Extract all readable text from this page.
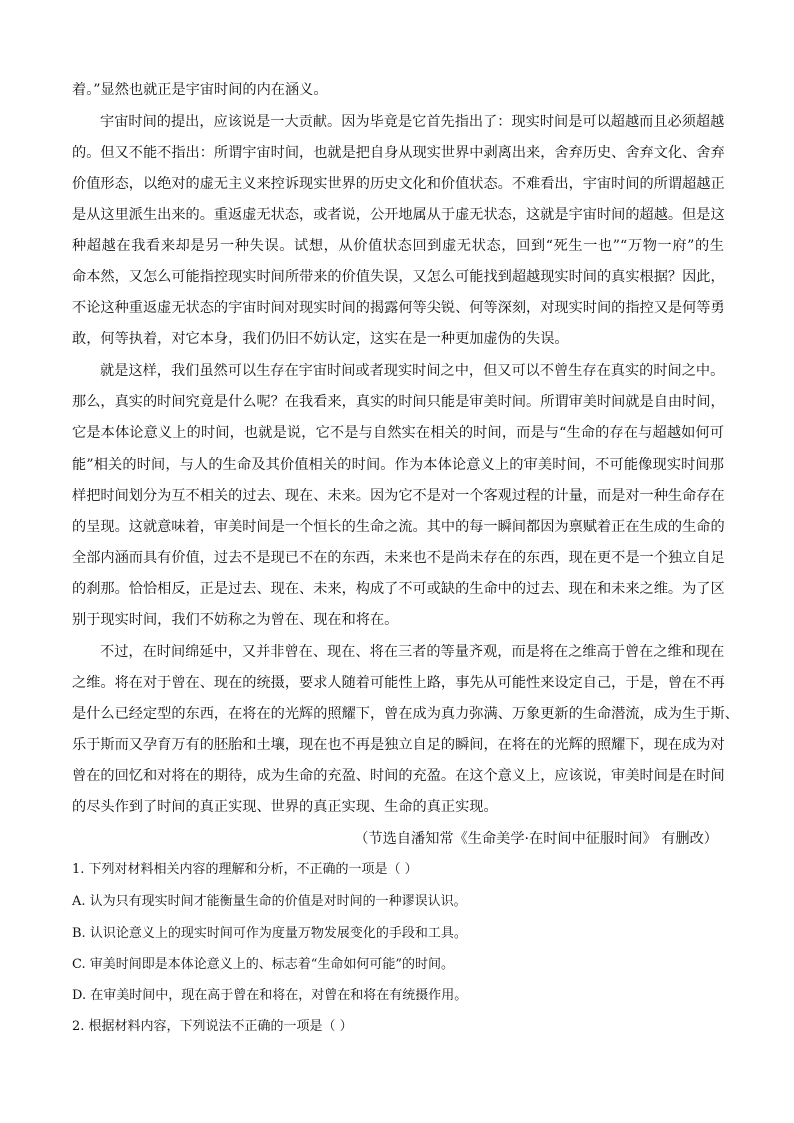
着。”显然也就正是宇宙时间的内在涵义。
宇宙时间的提出，应该说是一大贡献。因为毕竟是它首先指出了：现实时间是可以超越而且必须超越
的。但又不能不指出：所谓宇宙时间，也就是把自身从现实世界中剥离出来，舍弃历史、舍弃文化、舍弃
价值形态，以绝对的虚无主义来控诉现实世界的历史文化和价值状态。不难看出，宇宙时间的所谓超越正
是从这里派生出来的。重返虚无状态，或者说，公开地属从于虚无状态，这就是宇宙时间的超越。但是这
种超越在我看来却是另一种失误。试想，从价值状态回到虚无状态，回到“死生一也”“万物一府”的生
命本然，又怎么可能指控现实时间所带来的价值失误，又怎么可能找到超越现实时间的真实根据？因此，
不论这种重返虚无状态的宇宙时间对现实时间的揭露何等尖锐、何等深刻，对现实时间的指控又是何等勇
敢，何等执着，对它本身，我们仍旧不妨认定，这实在是一种更加虚伪的失误。
就是这样，我们虽然可以生存在宇宙时间或者现实时间之中，但又可以不曾生存在真实的时间之中。
那么，真实的时间究竟是什么呢？在我看来，真实的时间只能是审美时间。所谓审美时间就是自由时间，
它是本体论意义上的时间，也就是说，它不是与自然实在相关的时间，而是与“生命的存在与超越如何可
能”相关的时间，与人的生命及其价值相关的时间。作为本体论意义上的审美时间，不可能像现实时间那
样把时间划分为互不相关的过去、现在、未来。因为它不是对一个客观过程的计量，而是对一种生命存在
的呈现。这就意味着，审美时间是一个恒长的生命之流。其中的每一瞬间都因为禀赋着正在生成的生命的
全部内涵而具有价值，过去不是现已不在的东西，未来也不是尚未存在的东西，现在更不是一个独立自足
的刹那。恰恰相反，正是过去、现在、未来，构成了不可或缺的生命中的过去、现在和未来之维。为了区
别于现实时间，我们不妨称之为曾在、现在和将在。
不过，在时间绵延中，又并非曾在、现在、将在三者的等量齐观，而是将在之维高于曾在之维和现在
之维。将在对于曾在、现在的统摄，要求人随着可能性上路，事先从可能性来设定自己，于是，曾在不再
是什么已经定型的东西，在将在的光辉的照耀下，曾在成为真力弥满、万象更新的生命潜流，成为生于斯、
乐于斯而又孕育万有的胚胎和土壤，现在也不再是独立自足的瞬间，在将在的光辉的照耀下，现在成为对
曾在的回忆和对将在的期待，成为生命的充盈、时间的充盈。在这个意义上，应该说，审美时间是在时间
的尽头作到了时间的真正实现、世界的真正实现、生命的真正实现。
（节选自潘知常《生命美学·在时间中征服时间》 有删改）
1. 下列对材料相关内容的理解和分析，不正确的一项是（ ）
A. 认为只有现实时间才能衡量生命的价值是对时间的一种谬误认识。
B. 认识论意义上的现实时间可作为度量万物发展变化的手段和工具。
C. 审美时间即是本体论意义上的、标志着“生命如何可能”的时间。
D. 在审美时间中，现在高于曾在和将在，对曾在和将在有统摄作用。
2. 根据材料内容，下列说法不正确的一项是（ ）
